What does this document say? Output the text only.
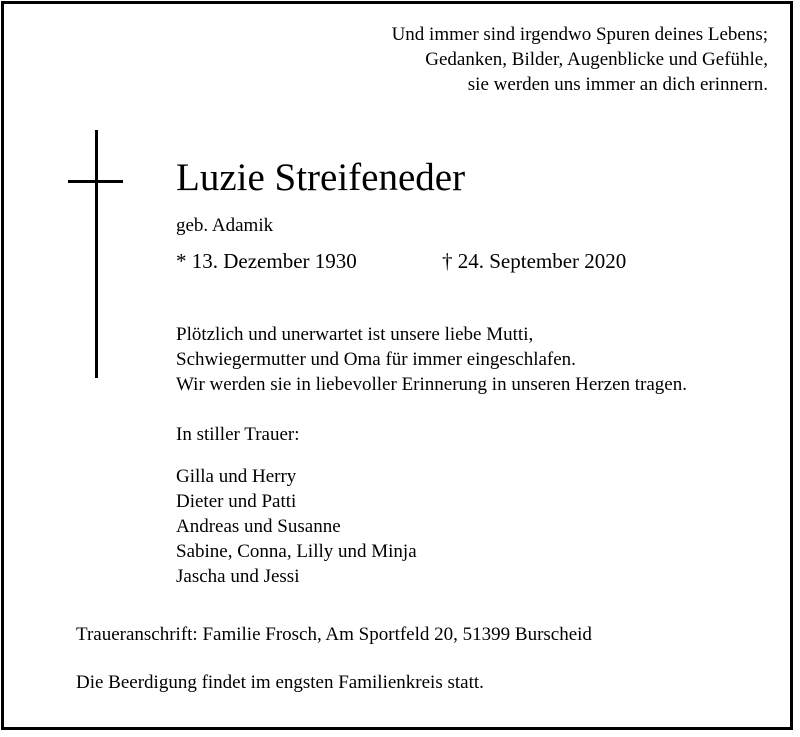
Und immer sind irgendwo Spuren deines Lebens;
Gedanken, Bilder, Augenblicke und Gefühle,
sie werden uns immer an dich erinnern.
Luzie Streifeneder
geb. Adamik
* 13. Dezember 1930	† 24. September 2020
Plötzlich und unerwartet ist unsere liebe Mutti,
Schwiegermutter und Oma für immer eingeschlafen.
Wir werden sie in liebevoller Erinnerung in unseren Herzen tragen.
In stiller Trauer:
Gilla und Herry
Dieter und Patti
Andreas und Susanne
Sabine, Conna, Lilly und Minja
Jascha und Jessi
Traueranschrift: Familie Frosch, Am Sportfeld 20, 51399 Burscheid
Die Beerdigung findet im engsten Familienkreis statt.
